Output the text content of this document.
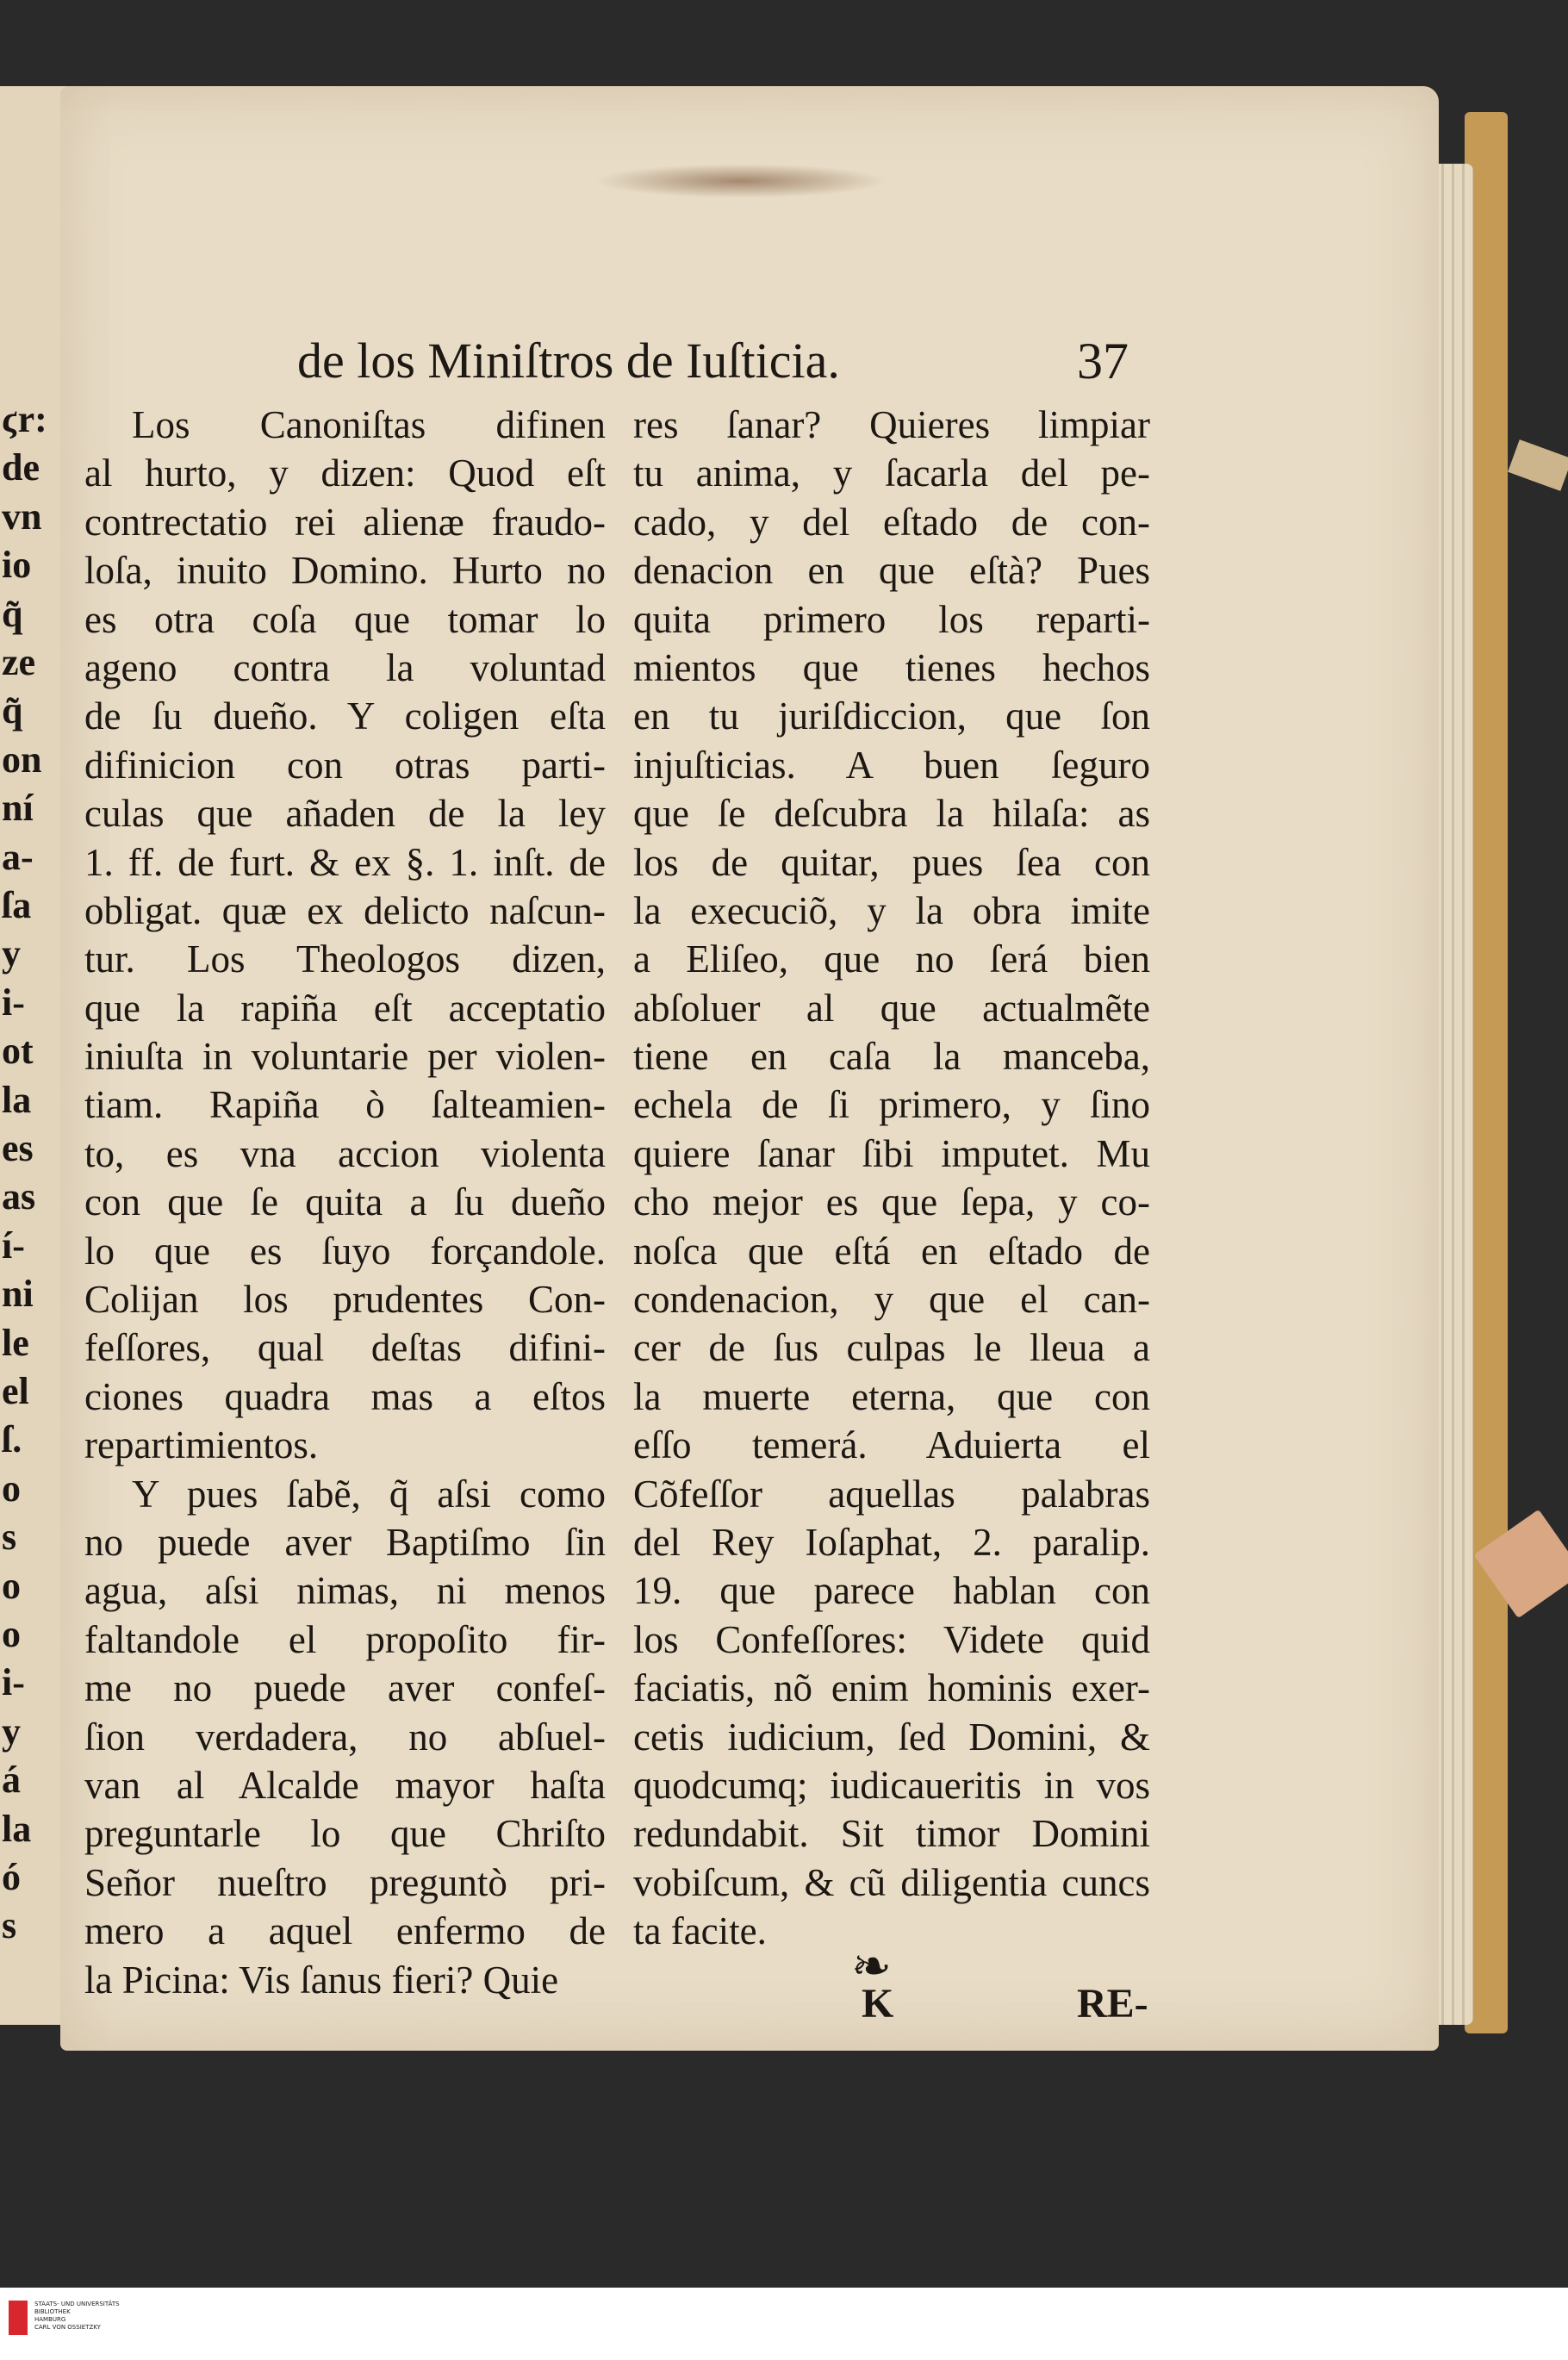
ϛr:
de
vn
io
q̃
ze
q̃
on
ní
a-
ſa
y
i-
ot
la
es
as
í-
ni
le
el
ſ.
o
s
o
o
i-
y
á
la
ó
s
de los Miniſtros de Iuſticia.	37
Los Canoniſtas difinen
al hurto, y dizen: Quod eſt
contrectatio rei alienæ fraudo-
loſa, inuito Domino. Hurto no
es otra coſa que tomar lo
ageno contra la voluntad
de ſu dueño. Y coligen eſta
difinicion con otras parti-
culas que añaden de la ley
1. ff. de furt. & ex §. 1. inſt. de
obligat. quæ ex delicto naſcun-
tur. Los Theologos dizen,
que la rapiña eſt acceptatio
iniuſta in voluntarie per violen-
tiam. Rapiña ò ſalteamien-
to, es vna accion violenta
con que ſe quita a ſu dueño
lo que es ſuyo forçandole.
Colijan los prudentes Con-
feſſores, qual deſtas difini-
ciones quadra mas a eſtos
repartimientos.
Y pues ſabẽ, q̃ aſsi como
no puede aver Baptiſmo ſin
agua, aſsi nimas, ni menos
faltandole el propoſito fir-
me no puede aver confeſ-
ſion verdadera, no abſuel-
van al Alcalde mayor haſta
preguntarle lo que Chriſto
Señor nueſtro preguntò pri-
mero a aquel enfermo de
la Picina: Vis ſanus fieri? Quie
res ſanar? Quieres limpiar
tu anima, y ſacarla del pe-
cado, y del eſtado de con-
denacion en que eſtà? Pues
quita primero los reparti-
mientos que tienes hechos
en tu juriſdiccion, que ſon
injuſticias. A buen ſeguro
que ſe deſcubra la hilaſa: as
los de quitar, pues ſea con
la execuciõ, y la obra imite
a Eliſeo, que no ſerá bien
abſoluer al que actualmẽte
tiene en caſa la manceba,
echela de ſi primero, y ſino
quiere ſanar ſibi imputet. Mu
cho mejor es que ſepa, y co-
noſca que eſtá en eſtado de
condenacion, y que el can-
cer de ſus culpas le lleua a
la muerte eterna, que con
eſſo temerá. Aduierta el
Cõfeſſor aquellas palabras
del Rey Ioſaphat, 2. paralip.
19. que parece hablan con
los Confeſſores: Videte quid
faciatis, nõ enim hominis exer-
cetis iudicium, ſed Domini, &
quodcumq; iudicaueritis in vos
redundabit. Sit timor Domini
vobiſcum, & cũ diligentia cuncs
ta facite.
❧
K	RE-
STAATS- UND UNIVERSITÄTS
BIBLIOTHEK
HAMBURG
CARL VON OSSIETZKY
